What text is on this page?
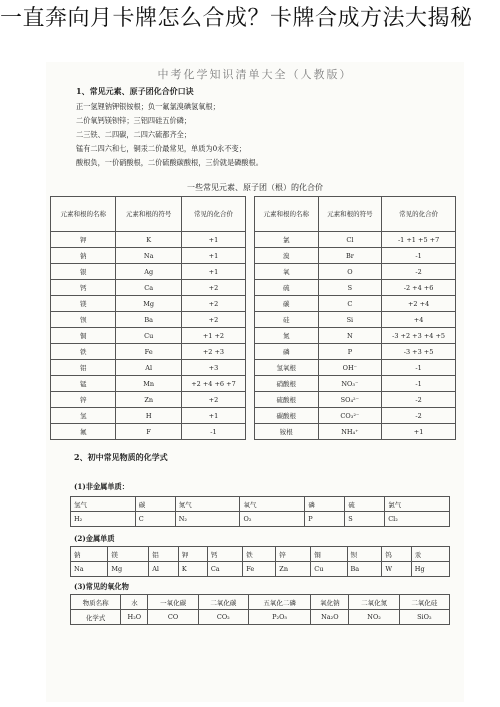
一直奔向月卡牌怎么合成？卡牌合成方法大揭秘
中考化学知识清单大全（人教版）
1、常见元素、原子团化合价口诀
正一氢锂钠钾银铵根；负一氟氯溴碘氢氧根；
二价氧钙镁钡锌；三铝四硅五价磷；
二三铁、二四碳，二四六硫都齐全；
锰有二四六和七，铜汞二价最常见，单质为0永不变；
酸根负，一价硝酸根，二价硫酸碳酸根，三价就是磷酸根。
一些常见元素、原子团（根）的化合价
元素和根的名称	元素和根的符号	常见的化合价
钾	K	+1
钠	Na	+1
银	Ag	+1
钙	Ca	+2
镁	Mg	+2
钡	Ba	+2
铜	Cu	+1 +2
铁	Fe	+2 +3
铝	Al	+3
锰	Mn	+2 +4 +6 +7
锌	Zn	+2
氢	H	+1
氟	F	-1
元素和根的名称	元素和根的符号	常见的化合价
氯	Cl	-1 +1 +5 +7
溴	Br	-1
氧	O	-2
硫	S	-2 +4 +6
碳	C	+2 +4
硅	Si	+4
氮	N	-3 +2 +3 +4 +5
磷	P	-3 +3 +5
氢氧根	OH⁻	-1
硝酸根	NO₃⁻	-1
硫酸根	SO₄²⁻	-2
碳酸根	CO₃²⁻	-2
铵根	NH₄⁺	+1
2、初中常见物质的化学式
(1)非金属单质：
氢气	碳	氮气	氧气	磷	硫	氯气
H₂	C	N₂	O₂	P	S	Cl₂
(2)金属单质
钠	镁	铝	钾	钙	铁	锌	铜	钡	钨	汞
Na	Mg	Al	K	Ca	Fe	Zn	Cu	Ba	W	Hg
(3)常见的氧化物
物质名称	水	一氧化碳	二氧化碳	五氧化二磷	氧化钠	二氧化氮	二氧化硅
化学式	H₂O	CO	CO₂	P₂O₅	Na₂O	NO₂	SiO₂
